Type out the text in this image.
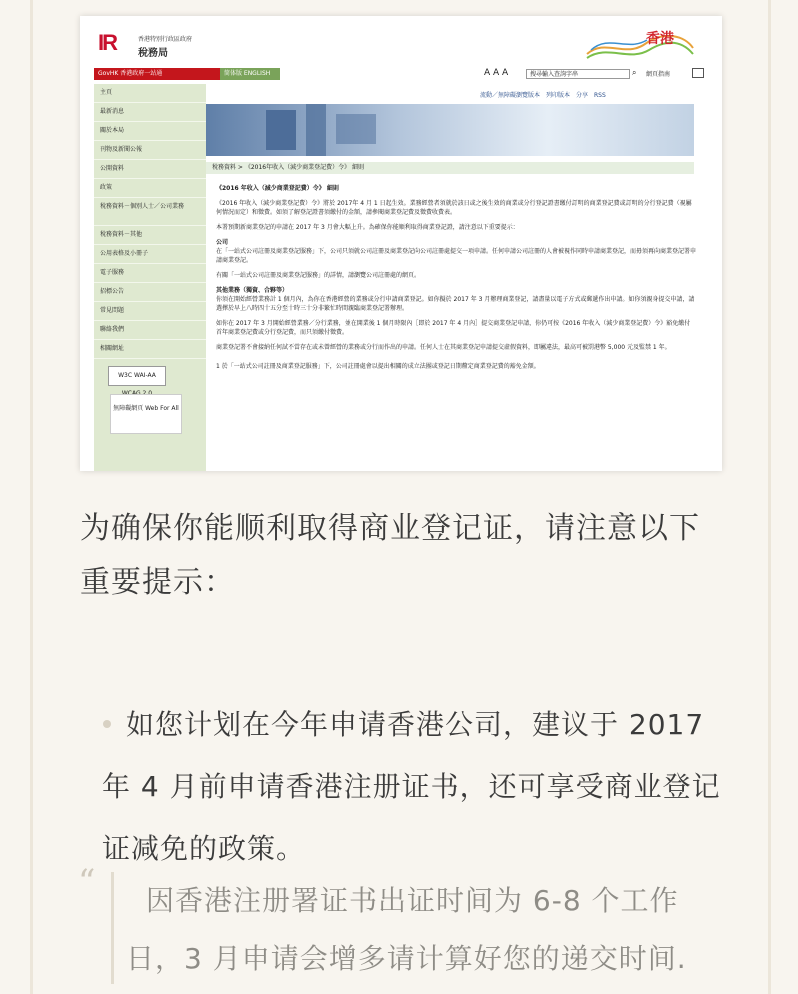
IR	香港特別行政區政府
稅務局
香港
GovHK 香港政府一站通	简体版 ENGLISH	A A A	搜尋輸入查詢字串	⌕ 網頁指南
主頁
最新消息
關於本局
刊物及新聞公報
公開資料
政策
稅務資料－個別人士／公司業務
稅務資料－其他
公用表格及小冊子
電子服務
招標公告
常見問題
聯絡我們
相關網址
W3C WAI-AA
無障礙網頁 Web For All
流動／無障礙瀏覽版本　列印版本　分享　RSS
稅務資料 > 《2016年收入（減少商業登記費）令》 細則

《2016 年收入（減少商業登記費）令》 細則

《2016 年收入（減少商業登記費）令》將於 2017年 4 月 1 日起生效。業務經營者須就於該日或之後生效的商業或分行登記證書繳付訂明的商業登記費或訂明的分行登記費（視屬何情況而定）和徵費。如須了解登記證書須繳付的金額，請參閱商業登記費及徵費收費表。

本署預期新商業登記的申請在 2017 年 3 月會大幅上升。為確保你能順利取得商業登記證，請注意以下重要提示：

公司

在「一站式公司註冊及商業登記服務」下，公司只須就公司註冊及商業登記向公司註冊處提交一項申請。任何申請公司註冊的人會被視作同時申請商業登記，而毋須再向商業登記署申請商業登記。

有關「一站式公司註冊及商業登記服務」的詳情，請瀏覽公司註冊處的網頁。

其他業務（獨資、合夥等）

你須在開始經營業務計 1 個月內，為你在香港經營的業務或分行申請商業登記。如你擬於 2017 年 3 月辦理商業登記，請盡量以電子方式或郵遞作出申請。如你須親身提交申請，請選擇於早上八時四十五分至十時三十分非繁忙時間親臨商業登記署辦理。

如你在 2017 年 3 月開始經營業務／分行業務，並在開業後 1 個月時限內［即於 2017 年 4 月內］提交商業登記申請，你仍可按《2016 年收入（減少商業登記費）令》豁免繳付首年商業登記費或分行登記費，而只須繳付徵費。

商業登記署不會接納任何試不當存在或未曾經營的業務或分行而作出的申請。任何人士在其商業登記申請提交虛假資料，即屬違法，最高可被罰港幣 5,000 元及監禁 1 年。

1 於「一站式公司註冊及商業登記服務」下，公司註冊處會以提出相關的成立法團或登記日期釐定商業登記費的豁免金額。

为确保你能顺利取得商业登记证，请注意以下重要提示：
如您计划在今年申请香港公司，建议于 2017 年 4 月前申请香港注册证书，还可享受商业登记证减免的政策。
“	因香港注册署证书出证时间为 6-8 个工作日，3 月申请会增多请计算好您的递交时间.
